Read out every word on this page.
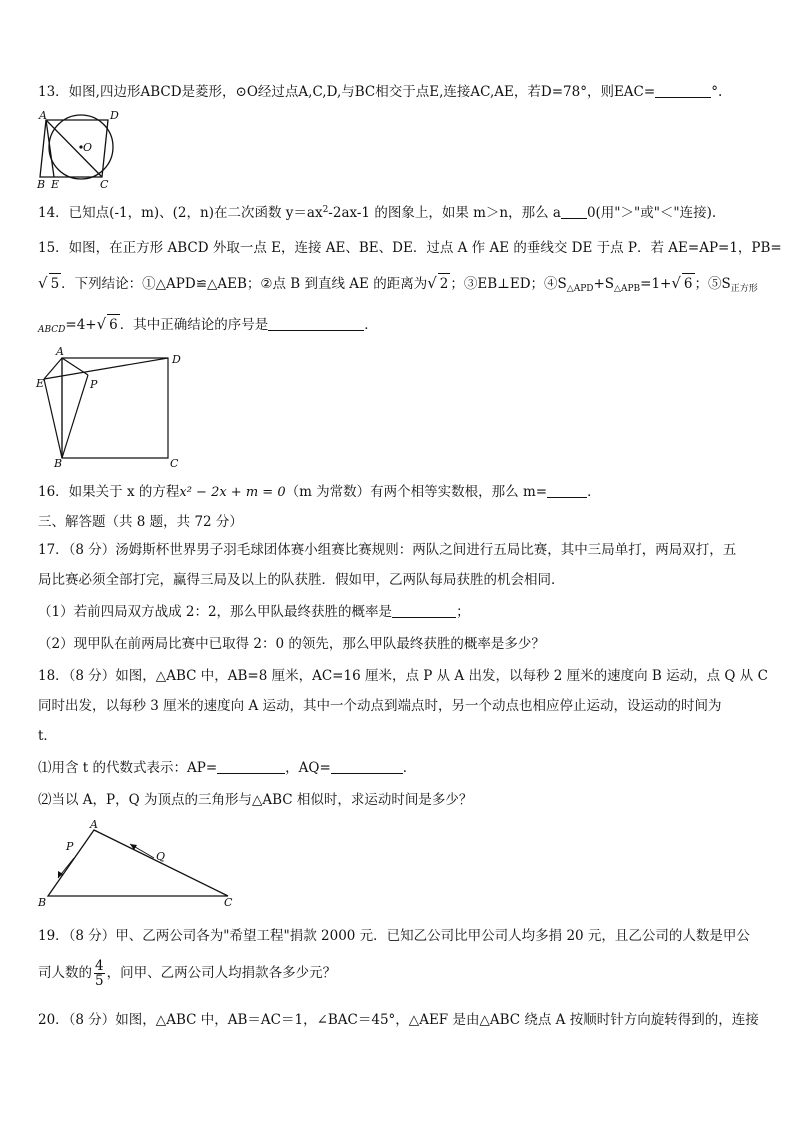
13．如图,四边形ABCD是菱形，⊙O经过点A,C,D,与BC相交于点E,连接AC,AE，若D=78°，则EAC=	°.
A	D
B E	C
O
14．已知点(-1，m)、(2，n)在二次函数 $y=ax^2-2ax-1$ 的图象上，如果 m＞n，那么 a 0(用"＞"或"＜"连接).
15．如图，在正方形 ABCD 外取一点 E，连接 AE、BE、DE．过点 A 作 AE 的垂线交 DE 于点 P．若 AE=AP=1，PB=
√ 5 ．下列结论：①△APD≌△AEB；②点 B 到直线 AE 的距离为√ 2 ；③EB⊥ED；$④S_{\triangle APD}+S_{\triangle APB}=1+√$ 6 ；$⑤S_{正方形}$
$_{ABCD}$=4+√ 6 ．其中正确结论的序号是	．
A
D
E	P
B	C
16．如果关于 x 的方程x² − 2x + m = 0（m 为常数）有两个相等实数根，那么 m=	．
三、解答题（共 8 题，共 72 分）
17．（8 分）汤姆斯杯世界男子羽毛球团体赛小组赛比赛规则：两队之间进行五局比赛，其中三局单打，两局双打，五
局比赛必须全部打完，赢得三局及以上的队获胜．假如甲，乙两队每局获胜的机会相同．
（1）若前四局双方战成 2：2，那么甲队最终获胜的概率是	；
（2）现甲队在前两局比赛中已取得 2：0 的领先，那么甲队最终获胜的概率是多少？
18．（8 分）如图，△ABC 中，AB=8 厘米，AC=16 厘米，点 P 从 A 出发，以每秒 2 厘米的速度向 B 运动，点 Q 从 C
同时出发，以每秒 3 厘米的速度向 A 运动，其中一个动点到端点时，另一个动点也相应停止运动，设运动的时间为
t．
⑴用含 t 的代数式表示：AP=	，AQ=	．
⑵当以 A，P，Q 为顶点的三角形与△ABC 相似时，求运动时间是多少？
A
P
Q
B	C
19．（8 分）甲、乙两公司各为"希望工程"捐款 2000 元．已知乙公司比甲公司人均多捐 20 元，且乙公司的人数是甲公
司人数的 $\frac{4}{5}$ ，问甲、乙两公司人均捐款各多少元？
20．（8 分）如图，△ABC 中，AB＝AC＝1，∠BAC＝45°，△AEF 是由△ABC 绕点 A 按顺时针方向旋转得到的，连接
